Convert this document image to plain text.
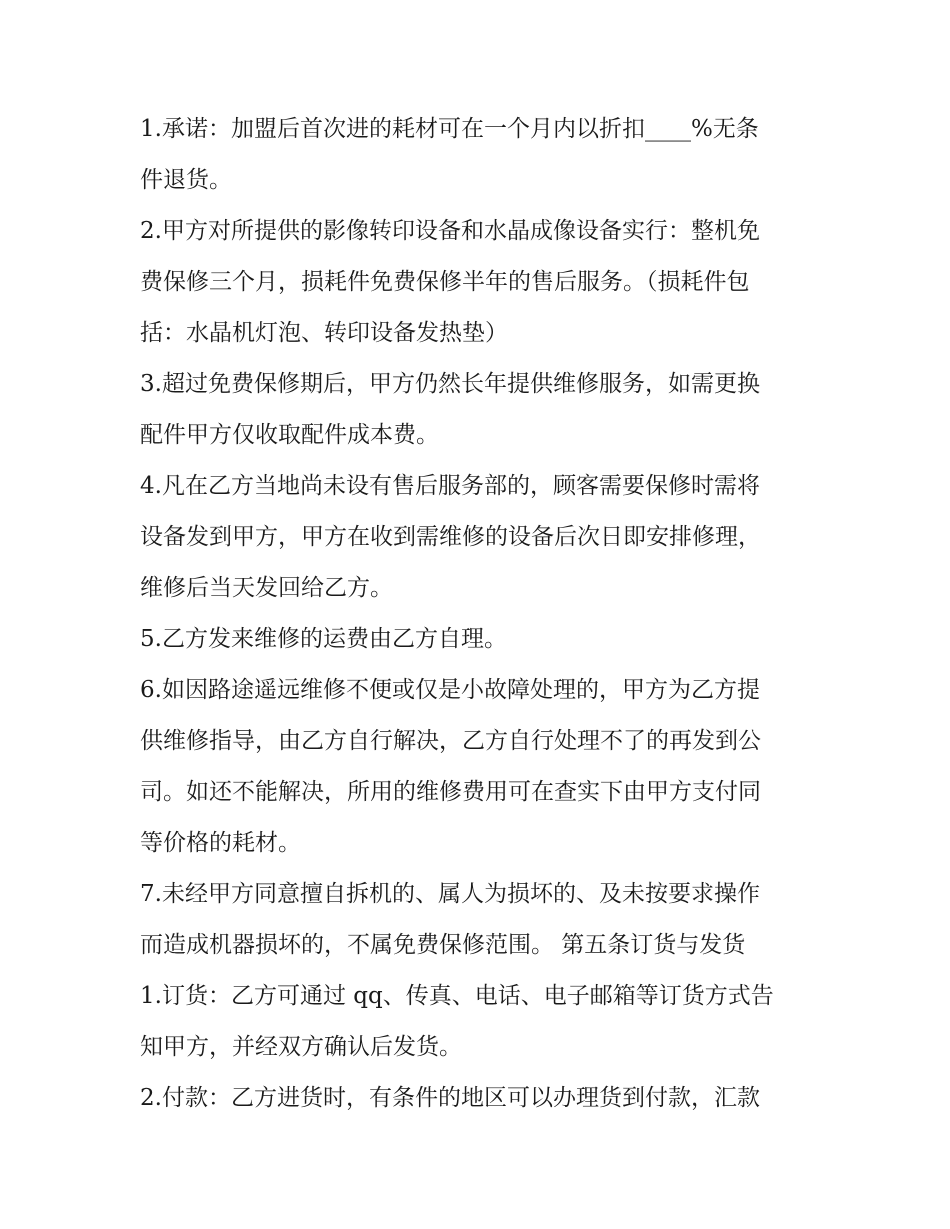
1.承诺：加盟后首次进的耗材可在一个月内以折扣____%无条
件退货。

2.甲方对所提供的影像转印设备和水晶成像设备实行：整机免
费保修三个月，损耗件免费保修半年的售后服务。（损耗件包
括：水晶机灯泡、转印设备发热垫）

3.超过免费保修期后，甲方仍然长年提供维修服务，如需更换
配件甲方仅收取配件成本费。

4.凡在乙方当地尚未设有售后服务部的，顾客需要保修时需将
设备发到甲方，甲方在收到需维修的设备后次日即安排修理，
维修后当天发回给乙方。

5.乙方发来维修的运费由乙方自理。

6.如因路途遥远维修不便或仅是小故障处理的，甲方为乙方提
供维修指导，由乙方自行解决，乙方自行处理不了的再发到公
司。如还不能解决，所用的维修费用可在查实下由甲方支付同
等价格的耗材。

7.未经甲方同意擅自拆机的、属人为损坏的、及未按要求操作
而造成机器损坏的，不属免费保修范围。 第五条订货与发货

1.订货：乙方可通过 qq、传真、电话、电子邮箱等订货方式告
知甲方，并经双方确认后发货。

2.付款：乙方进货时，有条件的地区可以办理货到付款，汇款
